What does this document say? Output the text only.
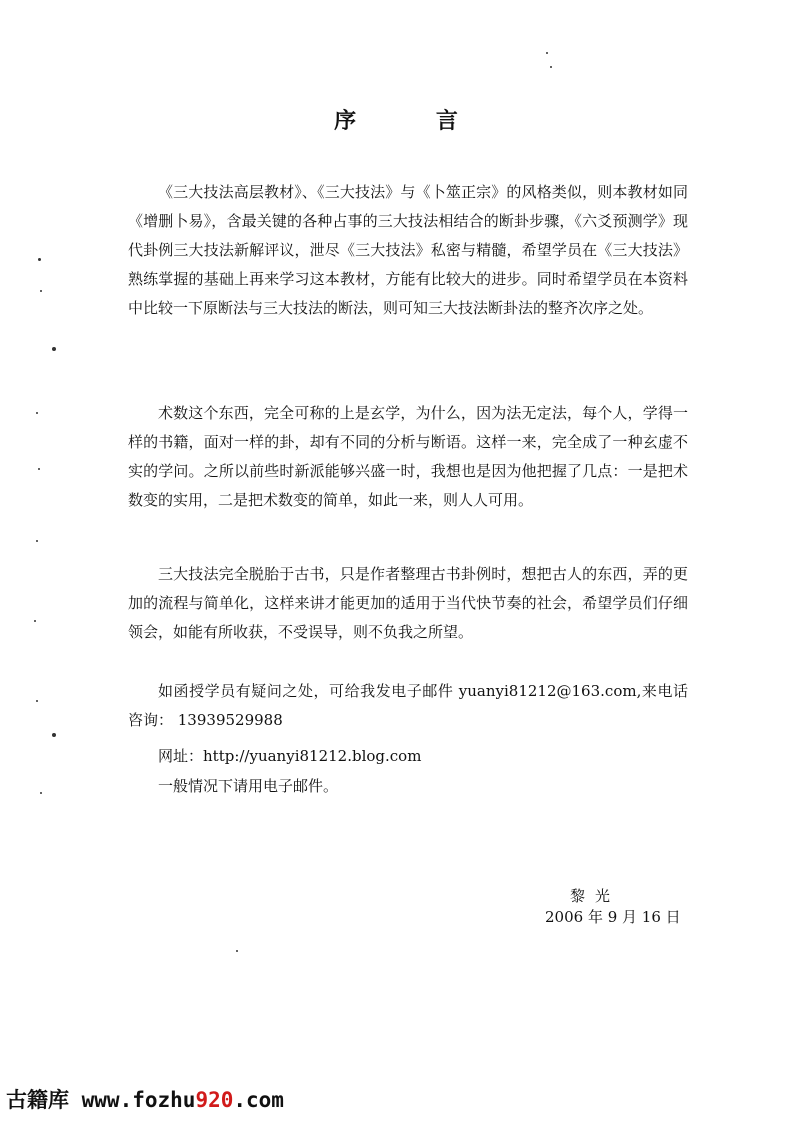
序 言

《三大技法高层教材》、《三大技法》与《卜筮正宗》的风格类似，则本教材如同《增删卜易》，含最关键的各种占事的三大技法相结合的断卦步骤，《六爻预测学》现代卦例三大技法新解评议，泄尽《三大技法》私密与精髓，希望学员在《三大技法》熟练掌握的基础上再来学习这本教材，方能有比较大的进步。同时希望学员在本资料中比较一下原断法与三大技法的断法，则可知三大技法断卦法的整齐次序之处。

术数这个东西，完全可称的上是玄学，为什么，因为法无定法，每个人，学得一样的书籍，面对一样的卦，却有不同的分析与断语。这样一来，完全成了一种玄虚不实的学问。之所以前些时新派能够兴盛一时，我想也是因为他把握了几点：一是把术数变的实用，二是把术数变的简单，如此一来，则人人可用。

三大技法完全脱胎于古书，只是作者整理古书卦例时，想把古人的东西，弄的更加的流程与简单化，这样来讲才能更加的适用于当代快节奏的社会，希望学员们仔细领会，如能有所收获，不受误导，则不负我之所望。

如函授学员有疑问之处，可给我发电子邮件 yuanyi81212@163.com,来电话咨询： 13939529988

网址：http://yuanyi81212.blog.com

一般情况下请用电子邮件。

黎光
2006 年 9 月 16 日
古籍库 www.fozhu920.com
